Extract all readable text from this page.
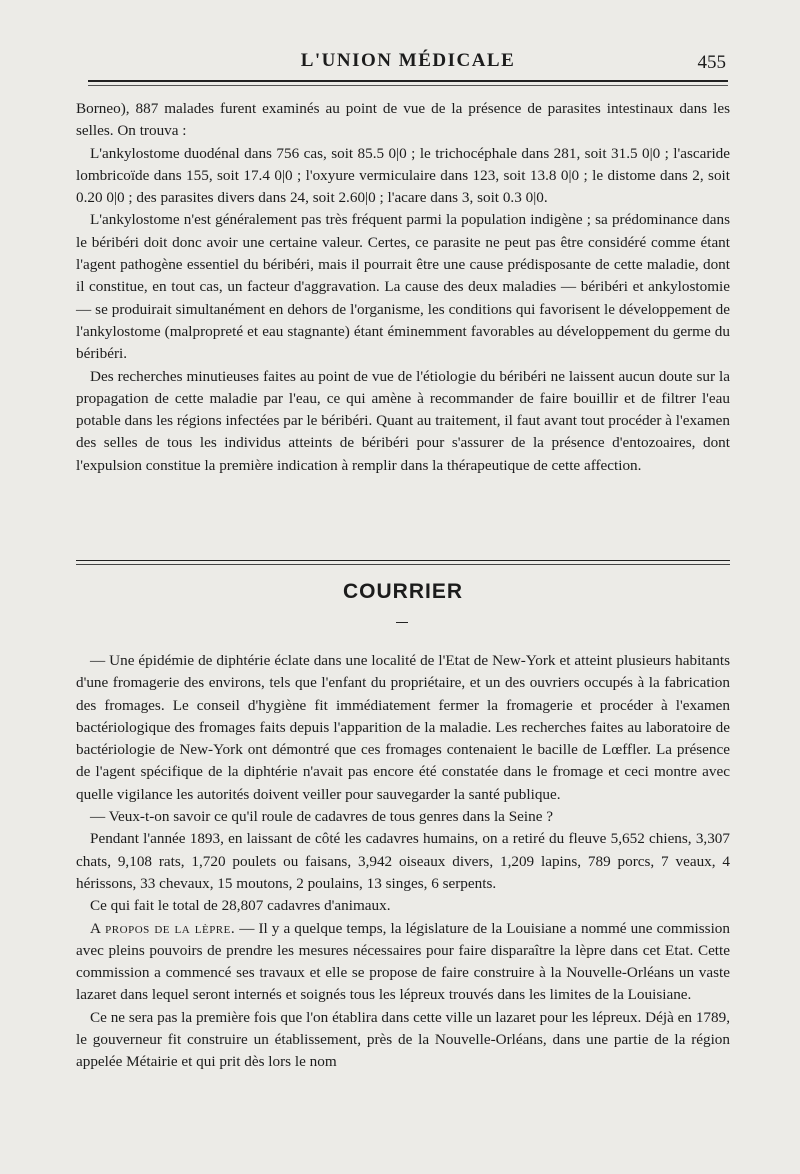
L'UNION MÉDICALE	455

Borneo), 887 malades furent examinés au point de vue de la présence de parasites intestinaux dans les selles. On trouva :

L'ankylostome duodénal dans 756 cas, soit 85.5 0|0 ; le trichocéphale dans 281, soit 31.5 0|0 ; l'ascaride lombricoïde dans 155, soit 17.4 0|0 ; l'oxyure vermiculaire dans 123, soit 13.8 0|0 ; le distome dans 2, soit 0.20 0|0 ; des parasites divers dans 24, soit 2.60|0 ; l'acare dans 3, soit 0.3 0|0.

L'ankylostome n'est généralement pas très fréquent parmi la population indigène ; sa prédominance dans le béribéri doit donc avoir une certaine valeur. Certes, ce parasite ne peut pas être considéré comme étant l'agent pathogène essentiel du béribéri, mais il pourrait être une cause prédisposante de cette maladie, dont il constitue, en tout cas, un facteur d'aggravation. La cause des deux maladies — béribéri et ankylostomie — se produirait simultanément en dehors de l'organisme, les conditions qui favorisent le développement de l'ankylostome (malpropreté et eau stagnante) étant éminemment favorables au développement du germe du béribéri.

Des recherches minutieuses faites au point de vue de l'étiologie du béribéri ne laissent aucun doute sur la propagation de cette maladie par l'eau, ce qui amène à recommander de faire bouillir et de filtrer l'eau potable dans les régions infectées par le béribéri. Quant au traitement, il faut avant tout procéder à l'examen des selles de tous les individus atteints de béribéri pour s'assurer de la présence d'entozoaires, dont l'expulsion constitue la première indication à remplir dans la thérapeutique de cette affection.

COURRIER

— Une épidémie de diphtérie éclate dans une localité de l'Etat de New-York et atteint plusieurs habitants d'une fromagerie des environs, tels que l'enfant du propriétaire, et un des ouvriers occupés à la fabrication des fromages. Le conseil d'hygiène fit immédiatement fermer la fromagerie et procéder à l'examen bactériologique des fromages faits depuis l'apparition de la maladie. Les recherches faites au laboratoire de bactériologie de New-York ont démontré que ces fromages contenaient le bacille de Lœffler. La présence de l'agent spécifique de la diphtérie n'avait pas encore été constatée dans le fromage et ceci montre avec quelle vigilance les autorités doivent veiller pour sauvegarder la santé publique.

— Veux-t-on savoir ce qu'il roule de cadavres de tous genres dans la Seine ?

Pendant l'année 1893, en laissant de côté les cadavres humains, on a retiré du fleuve 5,652 chiens, 3,307 chats, 9,108 rats, 1,720 poulets ou faisans, 3,942 oiseaux divers, 1,209 lapins, 789 porcs, 7 veaux, 4 hérissons, 33 chevaux, 15 moutons, 2 poulains, 13 singes, 6 serpents.

Ce qui fait le total de 28,807 cadavres d'animaux.

A propos de la lèpre. — Il y a quelque temps, la législature de la Louisiane a nommé une commission avec pleins pouvoirs de prendre les mesures nécessaires pour faire disparaître la lèpre dans cet Etat. Cette commission a commencé ses travaux et elle se propose de faire construire à la Nouvelle-Orléans un vaste lazaret dans lequel seront internés et soignés tous les lépreux trouvés dans les limites de la Louisiane.

Ce ne sera pas la première fois que l'on établira dans cette ville un lazaret pour les lépreux. Déjà en 1789, le gouverneur fit construire un établissement, près de la Nouvelle-Orléans, dans une partie de la région appelée Métairie et qui prit dès lors le nom
